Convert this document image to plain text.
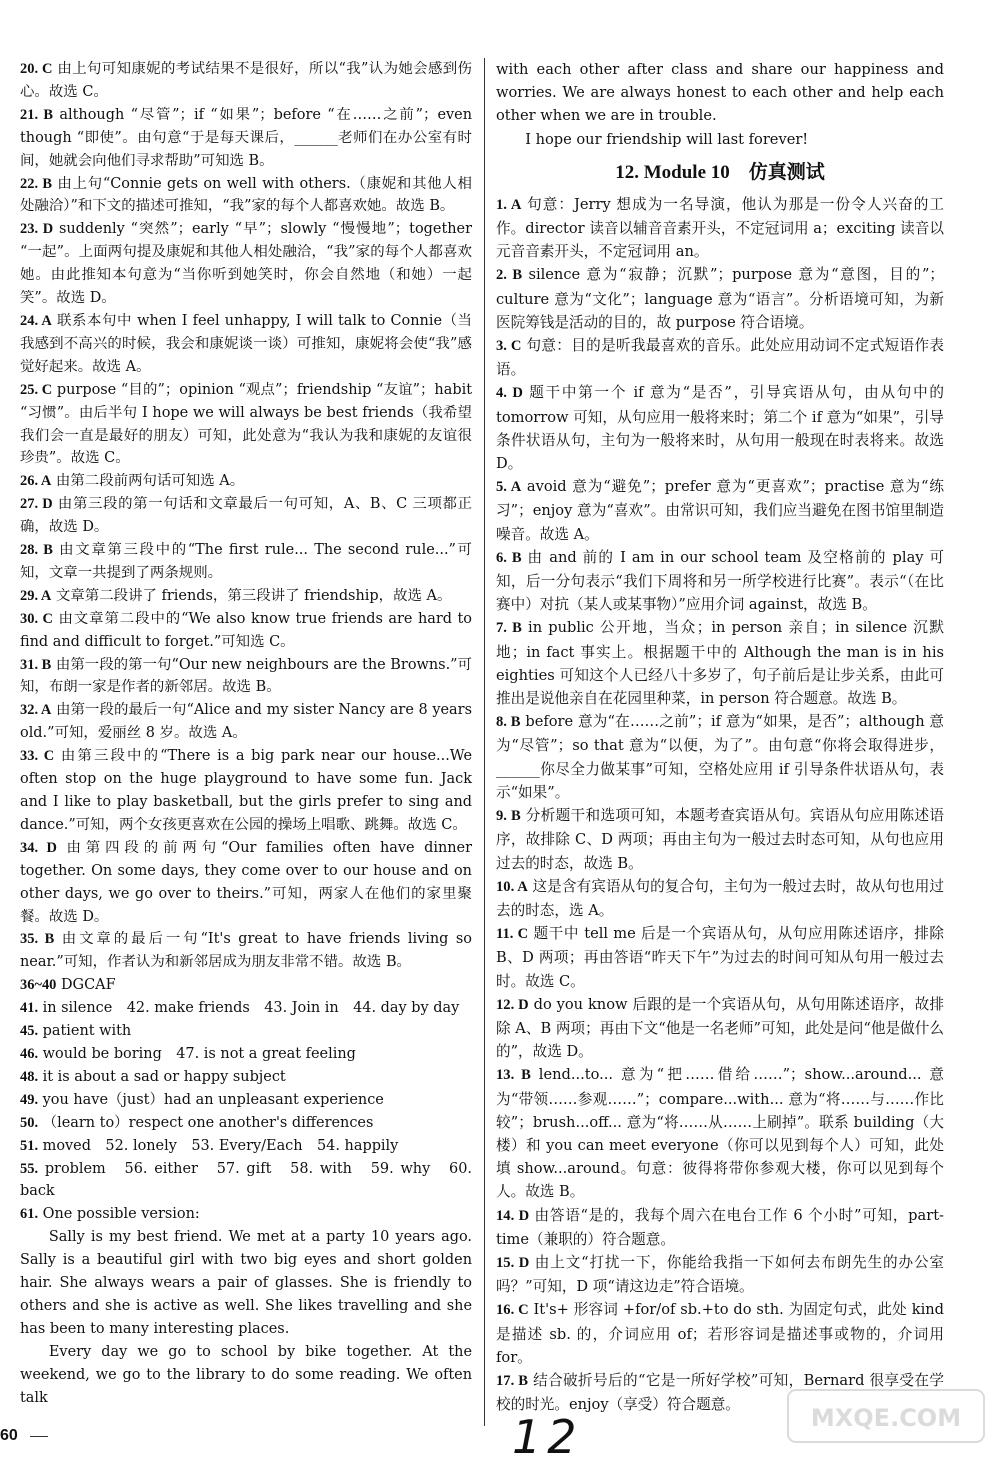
20. C 由上句可知康妮的考试结果不是很好，所以“我”认为她会感到伤心。故选 C。

21. B although “尽管”；if “如果”；before “在……之前”；even though “即使”。由句意“于是每天课后，______老师们在办公室有时间，她就会向他们寻求帮助”可知选 B。

22. B 由上句“Connie gets on well with others.（康妮和其他人相处融洽）”和下文的描述可推知，“我”家的每个人都喜欢她。故选 B。

23. D suddenly “突然”；early “早”；slowly “慢慢地”；together “一起”。上面两句提及康妮和其他人相处融洽，“我”家的每个人都喜欢她。由此推知本句意为“当你听到她笑时，你会自然地（和她）一起笑”。故选 D。

24. A 联系本句中 when I feel unhappy, I will talk to Connie（当我感到不高兴的时候，我会和康妮谈一谈）可推知，康妮将会使“我”感觉好起来。故选 A。

25. C purpose “目的”；opinion “观点”；friendship “友谊”；habit “习惯”。由后半句 I hope we will always be best friends（我希望我们会一直是最好的朋友）可知，此处意为“我认为我和康妮的友谊很珍贵”。故选 C。

26. A 由第二段前两句话可知选 A。

27. D 由第三段的第一句话和文章最后一句可知，A、B、C 三项都正确，故选 D。

28. B 由文章第三段中的“The first rule... The second rule...”可知，文章一共提到了两条规则。

29. A 文章第二段讲了 friends，第三段讲了 friendship，故选 A。

30. C 由文章第二段中的“We also know true friends are hard to find and difficult to forget.”可知选 C。

31. B 由第一段的第一句“Our new neighbours are the Browns.”可知，布朗一家是作者的新邻居。故选 B。

32. A 由第一段的最后一句“Alice and my sister Nancy are 8 years old.”可知，爱丽丝 8 岁。故选 A。

33. C 由第三段中的“There is a big park near our house...We often stop on the huge playground to have some fun. Jack and I like to play basketball, but the girls prefer to sing and dance.”可知，两个女孩更喜欢在公园的操场上唱歌、跳舞。故选 C。

34. D 由第四段的前两句“Our families often have dinner together. On some days, they come over to our house and on other days, we go over to theirs.”可知，两家人在他们的家里聚餐。故选 D。

35. B 由文章的最后一句“It's great to have friends living so near.”可知，作者认为和新邻居成为朋友非常不错。故选 B。

36~40 DGCAF

41. in silence　42. make friends　43. Join in　44. day by day

45. patient with

46. would be boring　47. is not a great feeling

48. it is about a sad or happy subject

49. you have（just）had an unpleasant experience

50. （learn to）respect one another's differences

51. moved　52. lonely　53. Every/Each　54. happily

55. problem　56. either　57. gift　58. with　59. why　60. back

61. One possible version:

Sally is my best friend. We met at a party 10 years ago. Sally is a beautiful girl with two big eyes and short golden hair. She always wears a pair of glasses. She is friendly to others and she is active as well. She likes travelling and she has been to many interesting places.

Every day we go to school by bike together. At the weekend, we go to the library to do some reading. We often talk

with each other after class and share our happiness and worries. We are always honest to each other and help each other when we are in trouble.

I hope our friendship will last forever!

12. Module 10　仿真测试

1. A 句意：Jerry 想成为一名导演，他认为那是一份令人兴奋的工作。director 读音以辅音音素开头，不定冠词用 a；exciting 读音以元音音素开头，不定冠词用 an。

2. B silence 意为“寂静；沉默”；purpose 意为“意图，目的”；culture 意为“文化”；language 意为“语言”。分析语境可知，为新医院筹钱是活动的目的，故 purpose 符合语境。

3. C 句意：目的是听我最喜欢的音乐。此处应用动词不定式短语作表语。

4. D 题干中第一个 if 意为“是否”，引导宾语从句，由从句中的 tomorrow 可知，从句应用一般将来时；第二个 if 意为“如果”，引导条件状语从句，主句为一般将来时，从句用一般现在时表将来。故选 D。

5. A avoid 意为“避免”；prefer 意为“更喜欢”；practise 意为“练习”；enjoy 意为“喜欢”。由常识可知，我们应当避免在图书馆里制造噪音。故选 A。

6. B 由 and 前的 I am in our school team 及空格前的 play 可知，后一分句表示“我们下周将和另一所学校进行比赛”。表示“（在比赛中）对抗（某人或某事物）”应用介词 against，故选 B。

7. B in public 公开地，当众；in person 亲自；in silence 沉默地；in fact 事实上。根据题干中的 Although the man is in his eighties 可知这个人已经八十多岁了，句子前后是让步关系，由此可推出是说他亲自在花园里种菜，in person 符合题意。故选 B。

8. B before 意为“在……之前”；if 意为“如果，是否”；although 意为“尽管”；so that 意为“以便，为了”。由句意“你将会取得进步，______你尽全力做某事”可知，空格处应用 if 引导条件状语从句，表示“如果”。

9. B 分析题干和选项可知，本题考查宾语从句。宾语从句应用陈述语序，故排除 C、D 两项；再由主句为一般过去时态可知，从句也应用过去的时态，故选 B。

10. A 这是含有宾语从句的复合句，主句为一般过去时，故从句也用过去的时态，选 A。

11. C 题干中 tell me 后是一个宾语从句，从句应用陈述语序，排除 B、D 两项；再由答语“昨天下午”为过去的时间可知从句用一般过去时。故选 C。

12. D do you know 后跟的是一个宾语从句，从句用陈述语序，故排除 A、B 两项；再由下文“他是一名老师”可知，此处是问“他是做什么的”，故选 D。

13. B lend...to... 意为“把……借给……”；show...around... 意为“带领……参观……”；compare...with... 意为“将……与……作比较”；brush...off... 意为“将……从……上刷掉”。联系 building（大楼）和 you can meet everyone（你可以见到每个人）可知，此处填 show...around。句意：彼得将带你参观大楼，你可以见到每个人。故选 B。

14. D 由答语“是的，我每个周六在电台工作 6 个小时”可知，part-time（兼职的）符合题意。

15. D 由上文“打扰一下，你能给我指一下如何去布朗先生的办公室吗？”可知，D 项“请这边走”符合语境。

16. C It's+ 形容词 +for/of sb.+to do sth. 为固定句式，此处 kind 是描述 sb. 的，介词应用 of；若形容词是描述事或物的，介词用 for。

17. B 结合破折号后的“它是一所好学校”可知，Bernard 很享受在学校的时光。enjoy（享受）符合题意。

60	12	MXQE.COM
